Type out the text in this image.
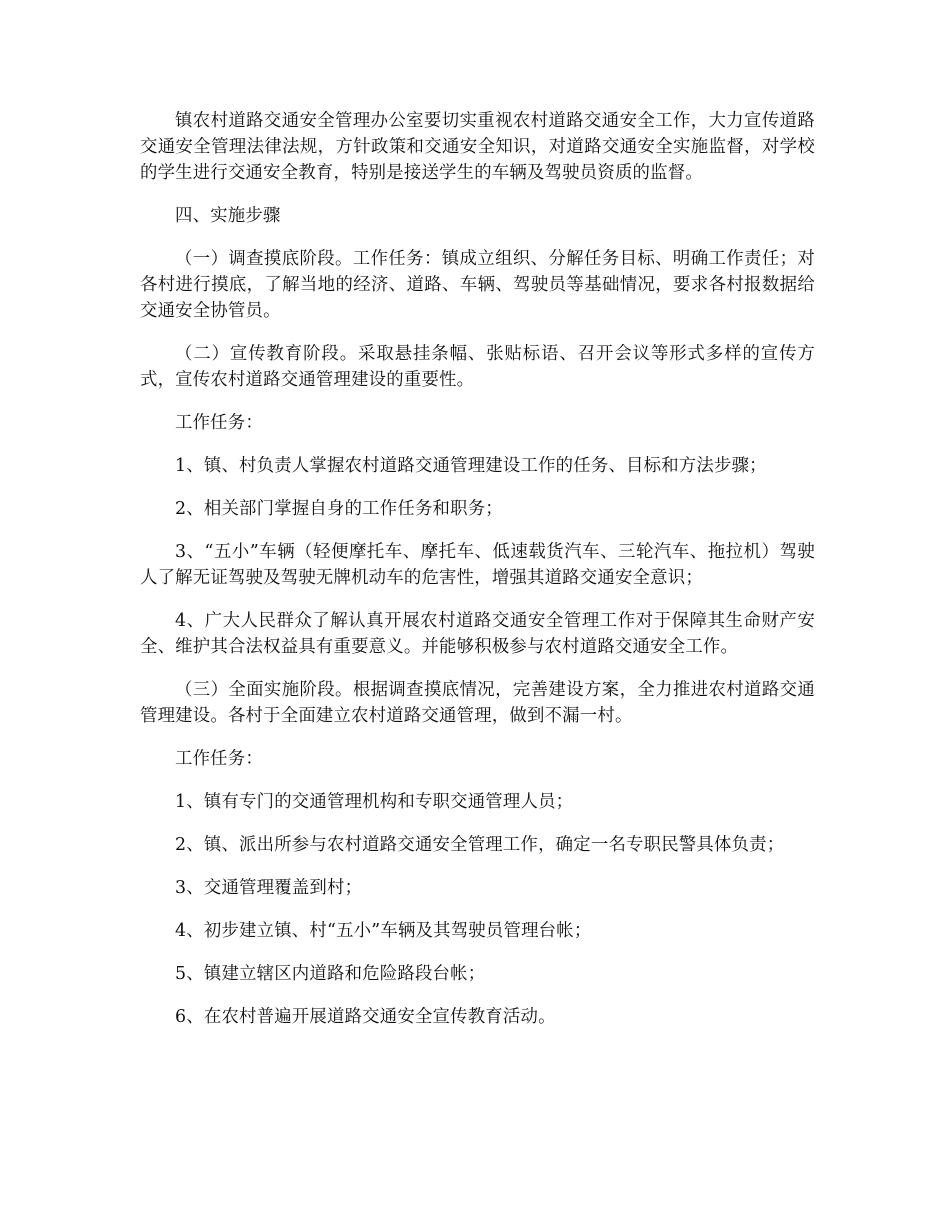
镇农村道路交通安全管理办公室要切实重视农村道路交通安全工作，大力宣传道路交通安全管理法律法规，方针政策和交通安全知识，对道路交通安全实施监督，对学校的学生进行交通安全教育，特别是接送学生的车辆及驾驶员资质的监督。

四、实施步骤

（一）调查摸底阶段。工作任务：镇成立组织、分解任务目标、明确工作责任；对各村进行摸底，了解当地的经济、道路、车辆、驾驶员等基础情况，要求各村报数据给交通安全协管员。

（二）宣传教育阶段。采取悬挂条幅、张贴标语、召开会议等形式多样的宣传方式，宣传农村道路交通管理建设的重要性。

工作任务：

1、镇、村负责人掌握农村道路交通管理建设工作的任务、目标和方法步骤；

2、相关部门掌握自身的工作任务和职务；

3、“五小”车辆（轻便摩托车、摩托车、低速载货汽车、三轮汽车、拖拉机）驾驶人了解无证驾驶及驾驶无牌机动车的危害性，增强其道路交通安全意识；

4、广大人民群众了解认真开展农村道路交通安全管理工作对于保障其生命财产安全、维护其合法权益具有重要意义。并能够积极参与农村道路交通安全工作。

（三）全面实施阶段。根据调查摸底情况，完善建设方案，全力推进农村道路交通管理建设。各村于全面建立农村道路交通管理，做到不漏一村。

工作任务：

1、镇有专门的交通管理机构和专职交通管理人员；

2、镇、派出所参与农村道路交通安全管理工作，确定一名专职民警具体负责；

3、交通管理覆盖到村；

4、初步建立镇、村“五小”车辆及其驾驶员管理台帐；

5、镇建立辖区内道路和危险路段台帐；

6、在农村普遍开展道路交通安全宣传教育活动。
